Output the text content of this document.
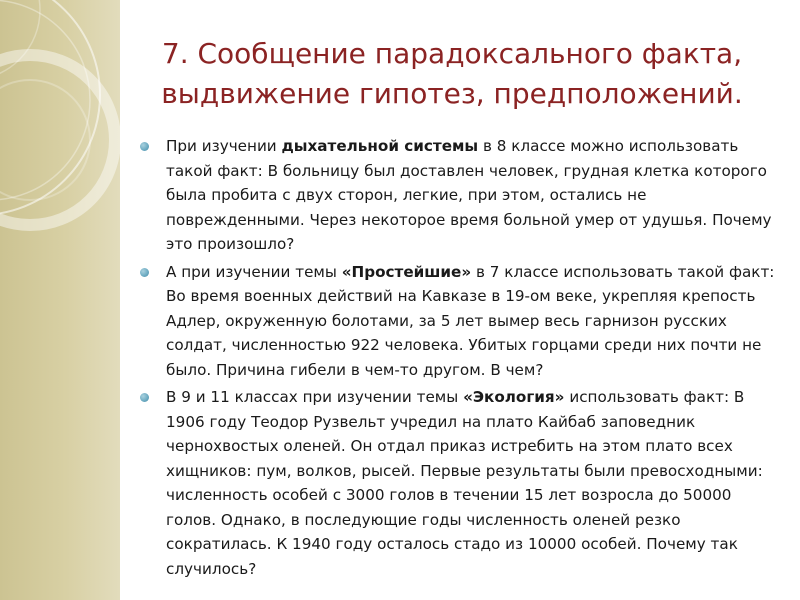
7. Сообщение парадоксального факта,
выдвижение гипотез, предположений.
При изучении дыхательной системы в 8 классе можно использовать такой факт: В больницу был доставлен человек, грудная клетка которого была пробита с двух сторон, легкие, при этом, остались не поврежденными. Через некоторое время больной умер от удушья. Почему это произошло?
А при изучении темы «Простейшие» в 7 классе использовать такой факт: Во время военных действий на Кавказе в 19-ом веке, укрепляя крепость Адлер, окруженную болотами, за 5 лет вымер весь гарнизон русских солдат, численностью 922 человека. Убитых горцами среди них почти не было. Причина гибели в чем-то другом. В чем?
В 9 и 11 классах при изучении темы «Экология» использовать факт: В 1906 году Теодор Рузвельт учредил на плато Кайбаб заповедник чернохвостых оленей. Он отдал приказ истребить на этом плато всех хищников: пум, волков, рысей. Первые результаты были превосходными: численность особей с 3000 голов в течении 15 лет возросла до 50000 голов. Однако, в последующие годы численность оленей резко сократилась. К 1940 году осталось стадо из 10000 особей. Почему так случилось?
